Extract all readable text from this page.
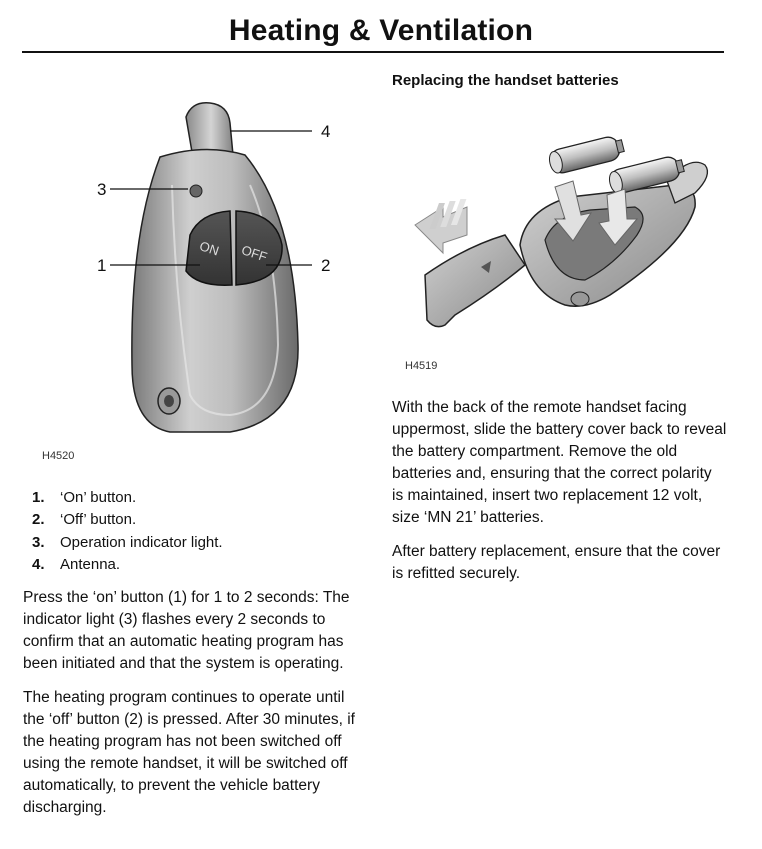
Heating & Ventilation
ON OFF
1	2
3
4
H4520
1.	‘On’ button.
2.	‘Off’ button.
3.	Operation indicator light.
4.	Antenna.

Press the ‘on’ button (1) for 1 to 2 seconds: The indicator light (3) flashes every 2 seconds to confirm that an automatic heating program has been initiated and that the system is operating.

The heating program continues to operate until the ‘off’ button (2) is pressed. After 30 minutes, if the heating program has not been switched off using the remote handset, it will be switched off automatically, to prevent the vehicle battery discharging.

Replacing the handset batteries
H4519

With the back of the remote handset facing uppermost, slide the battery cover back to reveal the battery compartment. Remove the old batteries and, ensuring that the correct polarity is maintained, insert two replacement 12 volt, size ‘MN 21’ batteries.

After battery replacement, ensure that the cover is refitted securely.
